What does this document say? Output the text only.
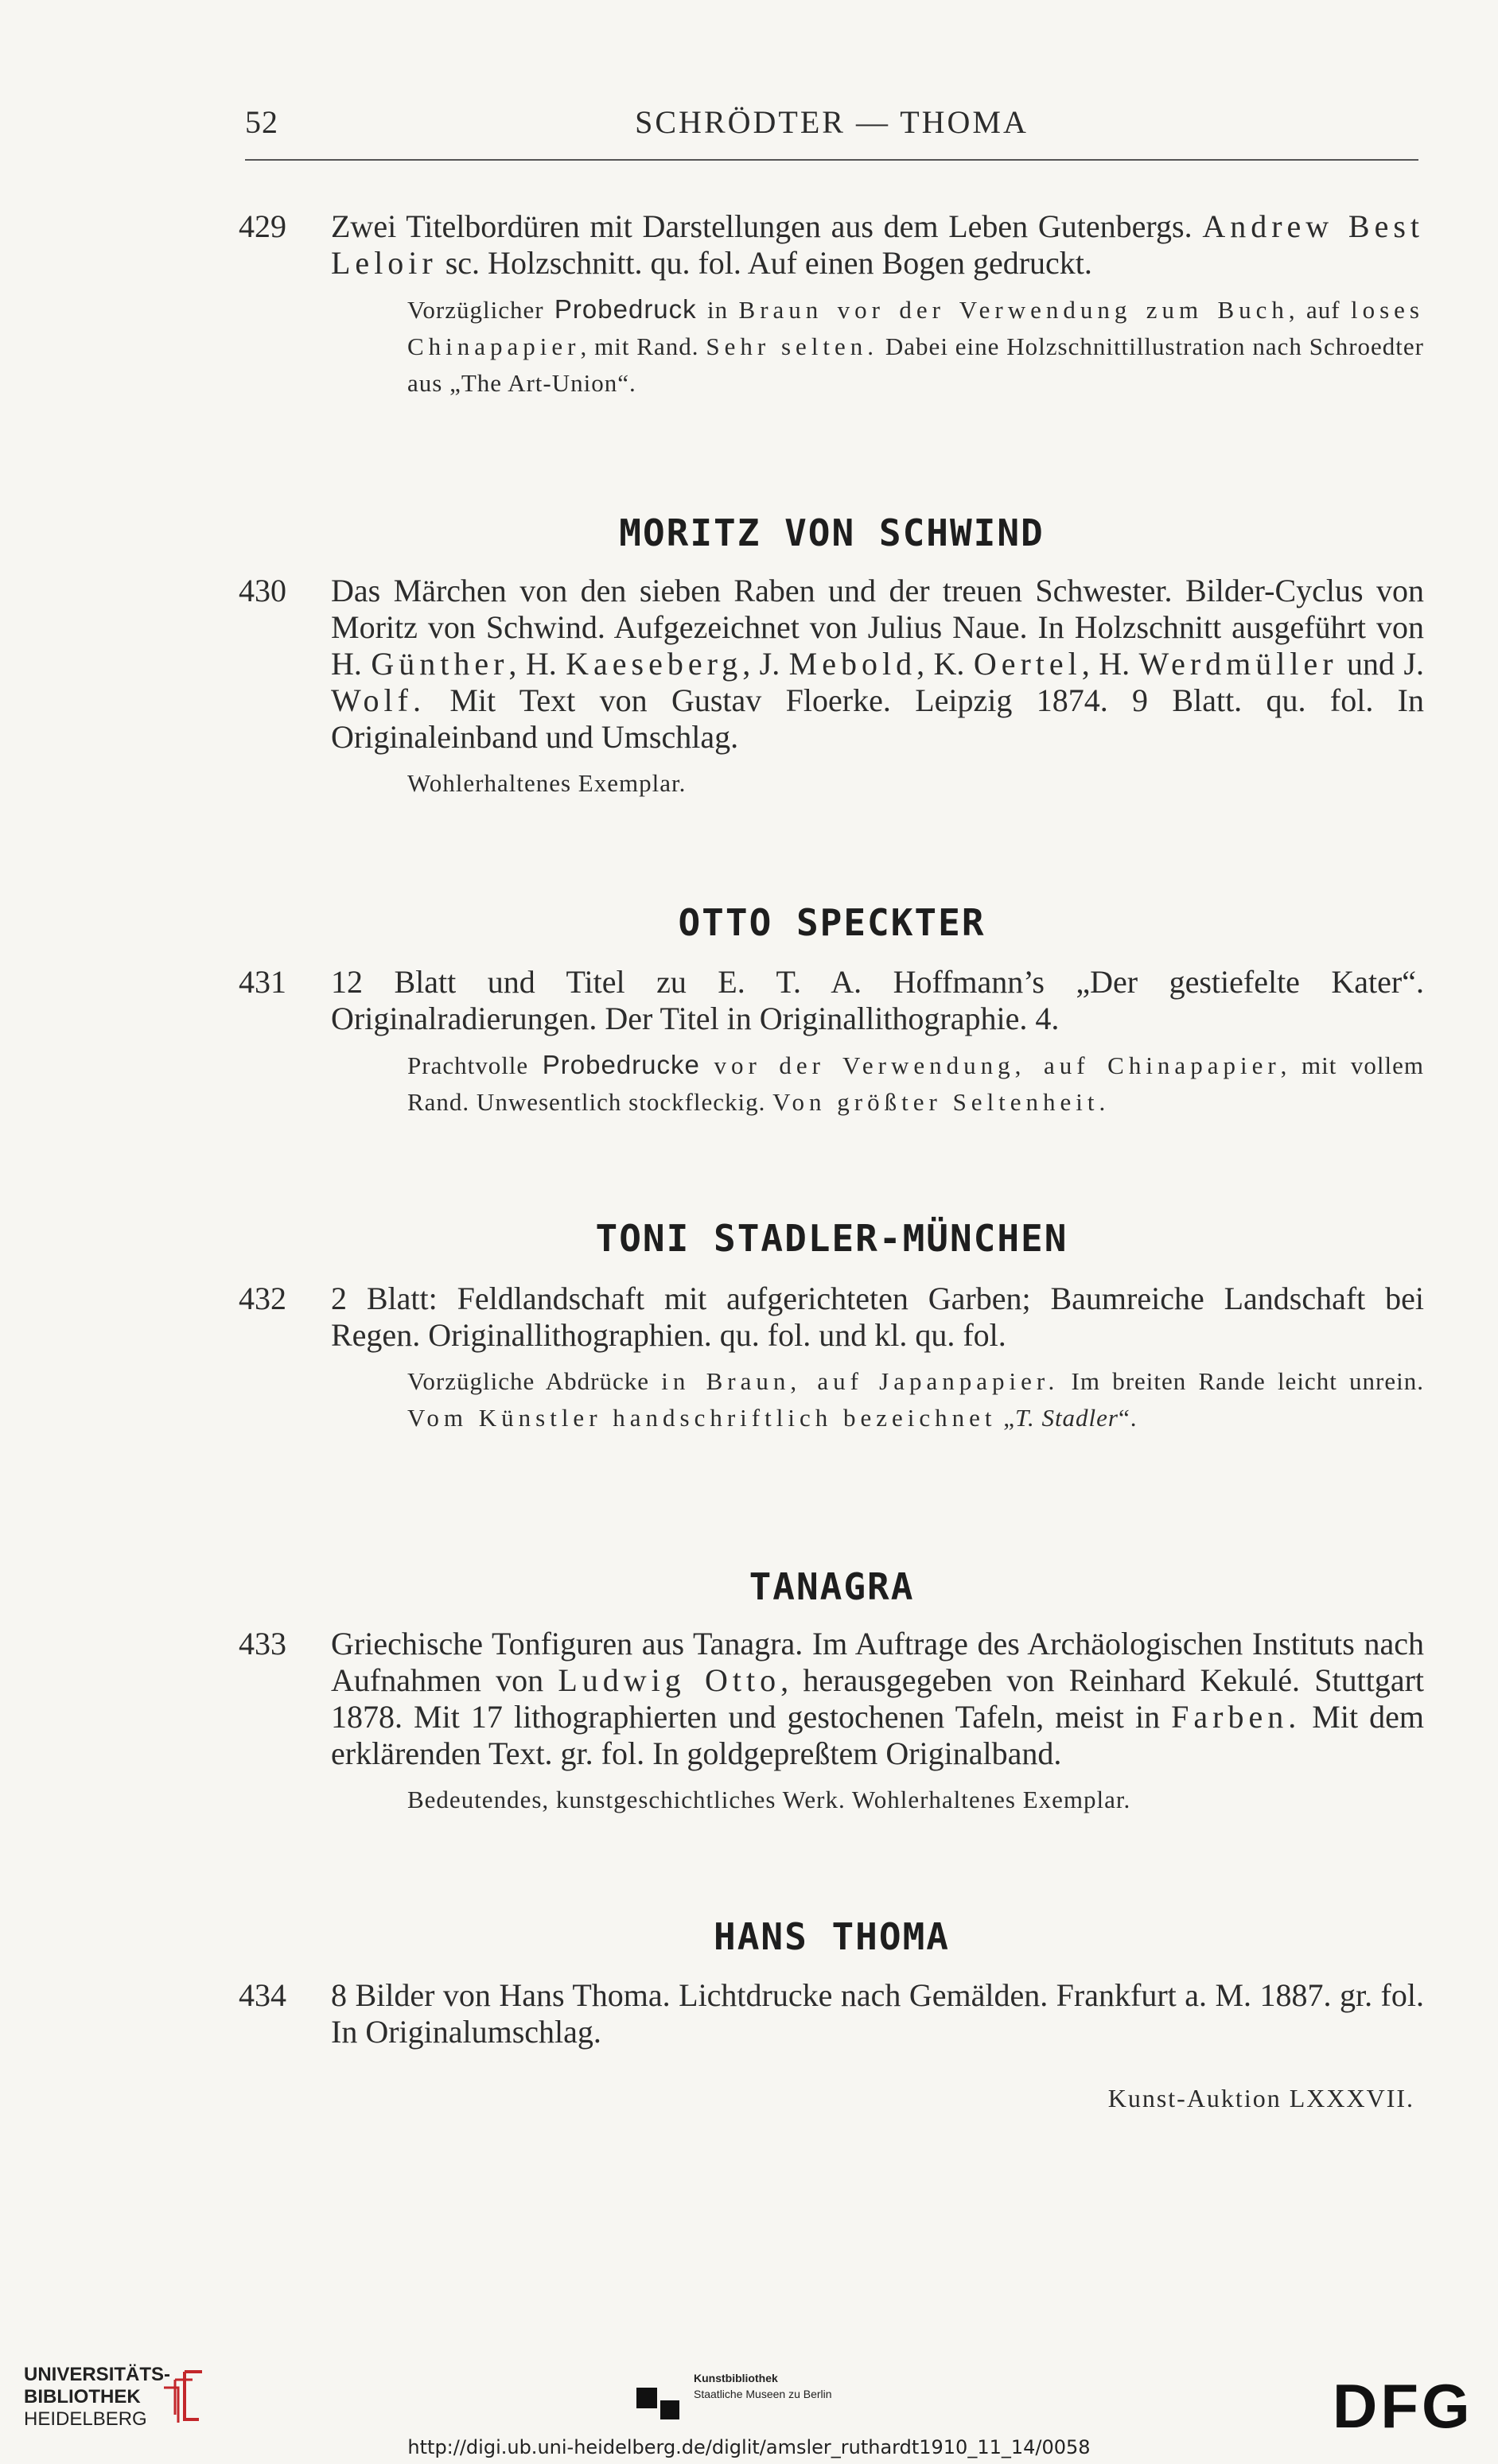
52	SCHRÖDTER — THOMA
429 Zwei Titelbordüren mit Darstellungen aus dem Leben Gutenbergs. Andrew Best Leloir sc. Holzschnitt. qu. fol. Auf einen Bogen gedruckt.
Vorzüglicher Probedruck in Braun vor der Verwendung zum Buch, auf loses Chinapapier, mit Rand. Sehr selten. Dabei eine Holzschnittillustration nach Schroedter aus „The Art-Union“.
MORITZ VON SCHWIND
430 Das Märchen von den sieben Raben und der treuen Schwester. Bilder-Cyclus von Moritz von Schwind. Aufgezeichnet von Julius Naue. In Holzschnitt ausgeführt von H. Günther, H. Kaeseberg, J. Mebold, K. Oertel, H. Werdmüller und J. Wolf. Mit Text von Gustav Floerke. Leipzig 1874. 9 Blatt. qu. fol. In Originaleinband und Umschlag.
Wohlerhaltenes Exemplar.
OTTO SPECKTER
431 12 Blatt und Titel zu E. T. A. Hoffmann’s „Der gestiefelte Kater“. Originalradierungen. Der Titel in Originallithographie. 4.
Prachtvolle Probedrucke vor der Verwendung, auf Chinapapier, mit vollem Rand. Unwesentlich stockfleckig. Von größter Seltenheit.
TONI STADLER-MÜNCHEN
432 2 Blatt: Feldlandschaft mit aufgerichteten Garben; Baumreiche Landschaft bei Regen. Originallithographien. qu. fol. und kl. qu. fol.
Vorzügliche Abdrücke in Braun, auf Japanpapier. Im breiten Rande leicht unrein. Vom Künstler handschriftlich bezeichnet „T. Stadler“.
TANAGRA
433 Griechische Tonfiguren aus Tanagra. Im Auftrage des Archäologischen Instituts nach Aufnahmen von Ludwig Otto, herausgegeben von Reinhard Kekulé. Stuttgart 1878. Mit 17 lithographierten und gestochenen Tafeln, meist in Farben. Mit dem erklärenden Text. gr. fol. In goldgepreßtem Originalband.
Bedeutendes, kunstgeschichtliches Werk. Wohlerhaltenes Exemplar.
HANS THOMA
434 8 Bilder von Hans Thoma. Lichtdrucke nach Gemälden. Frankfurt a. M. 1887. gr. fol. In Originalumschlag.
Kunst-Auktion LXXXVII.
UNIVERSITÄTS-
BIBLIOTHEK
HEIDELBERG
Kunstbibliothek
Staatliche Museen zu Berlin	DFG
http://digi.ub.uni-heidelberg.de/diglit/amsler_ruthardt1910_11_14/0058
